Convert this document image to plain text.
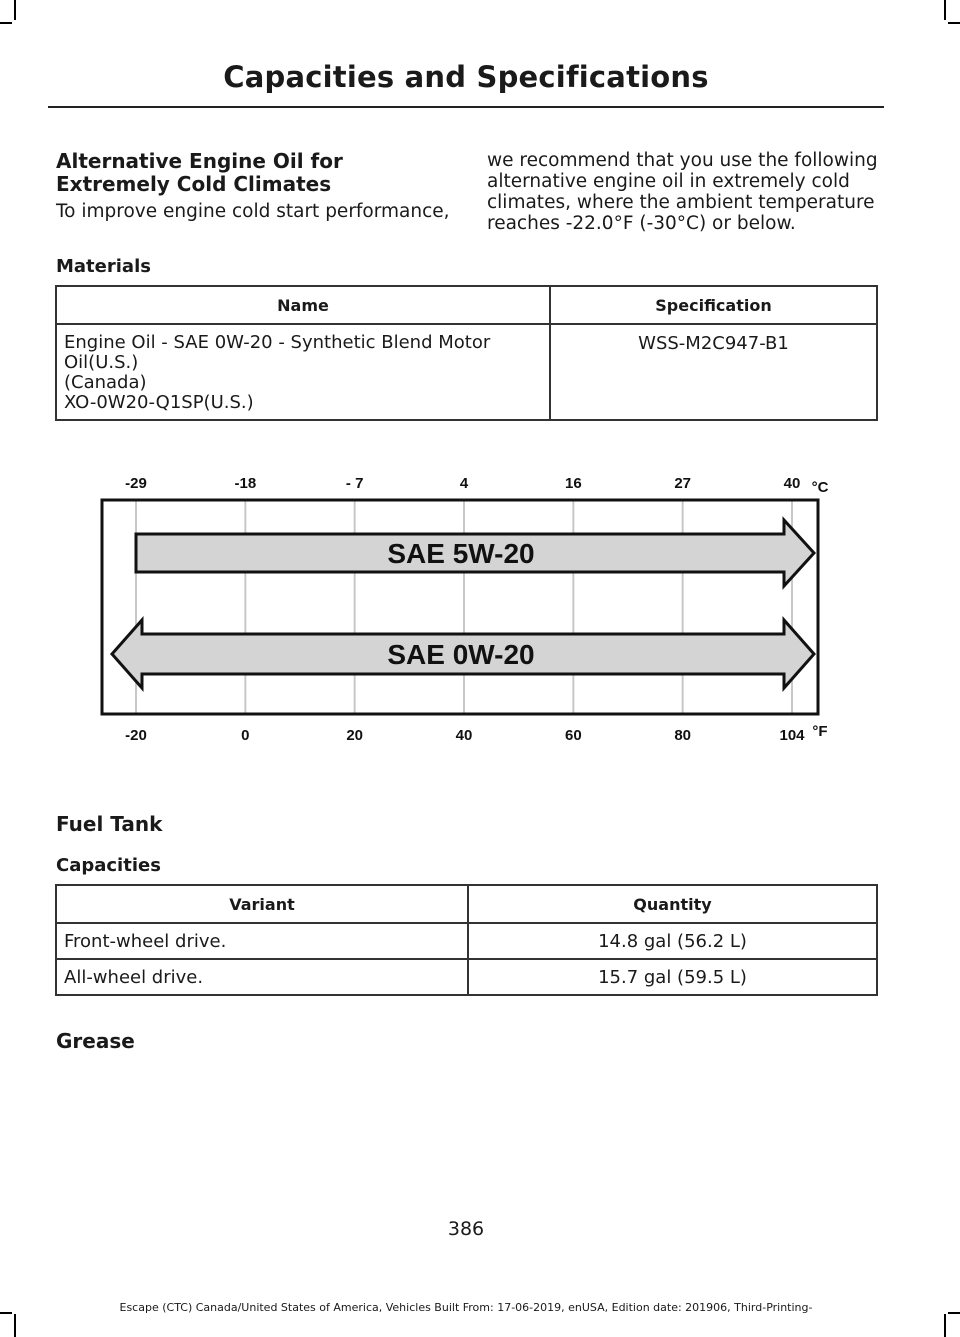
Capacities and Specifications
Alternative Engine Oil for
Extremely Cold Climates
To improve engine cold start performance,
we recommend that you use the following
alternative engine oil in extremely cold
climates, where the ambient temperature
reaches -22.0°F (-30°C) or below.
Materials
Name	Specification

Engine Oil - SAE 0W-20 - Synthetic Blend Motor
Oil(U.S.)
(Canada)
XO-0W20-Q1SP(U.S.)	WSS-M2C947-B1
SAE 5W-20
SAE 0W-20
-29	-18	- 7	4	16	27	40 °C
-20	0	20	40	60	80	104 °F
Fuel Tank
Capacities
Variant	Quantity
Front-wheel drive.	14.8 gal (56.2 L)
All-wheel drive.	15.7 gal (59.5 L)
Grease
386
Escape (CTC) Canada/United States of America, Vehicles Built From: 17-06-2019, enUSA, Edition date: 201906, Third-Printing-
